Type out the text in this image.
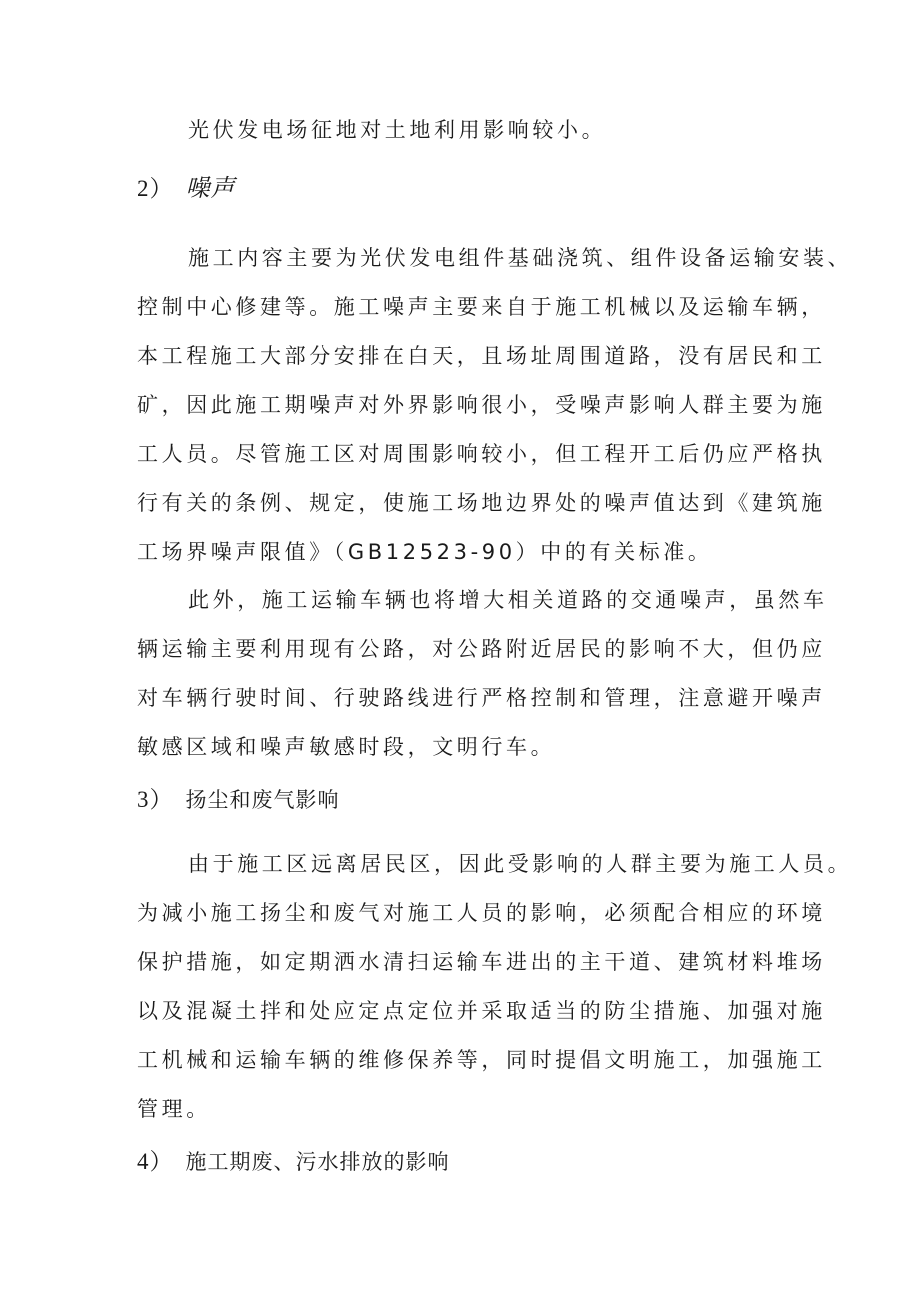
光伏发电场征地对土地利用影响较小。
2） 噪声
施工内容主要为光伏发电组件基础浇筑、组件设备运输安装、
控制中心修建等。施工噪声主要来自于施工机械以及运输车辆，
本工程施工大部分安排在白天，且场址周围道路，没有居民和工
矿，因此施工期噪声对外界影响很小，受噪声影响人群主要为施
工人员。尽管施工区对周围影响较小，但工程开工后仍应严格执
行有关的条例、规定，使施工场地边界处的噪声值达到《建筑施
工场界噪声限值》（GB12523-90）中的有关标准。
此外，施工运输车辆也将增大相关道路的交通噪声，虽然车
辆运输主要利用现有公路，对公路附近居民的影响不大，但仍应
对车辆行驶时间、行驶路线进行严格控制和管理，注意避开噪声
敏感区域和噪声敏感时段，文明行车。
3） 扬尘和废气影响
由于施工区远离居民区，因此受影响的人群主要为施工人员。
为减小施工扬尘和废气对施工人员的影响，必须配合相应的环境
保护措施，如定期洒水清扫运输车进出的主干道、建筑材料堆场
以及混凝土拌和处应定点定位并采取适当的防尘措施、加强对施
工机械和运输车辆的维修保养等，同时提倡文明施工，加强施工
管理。
4） 施工期废、污水排放的影响
